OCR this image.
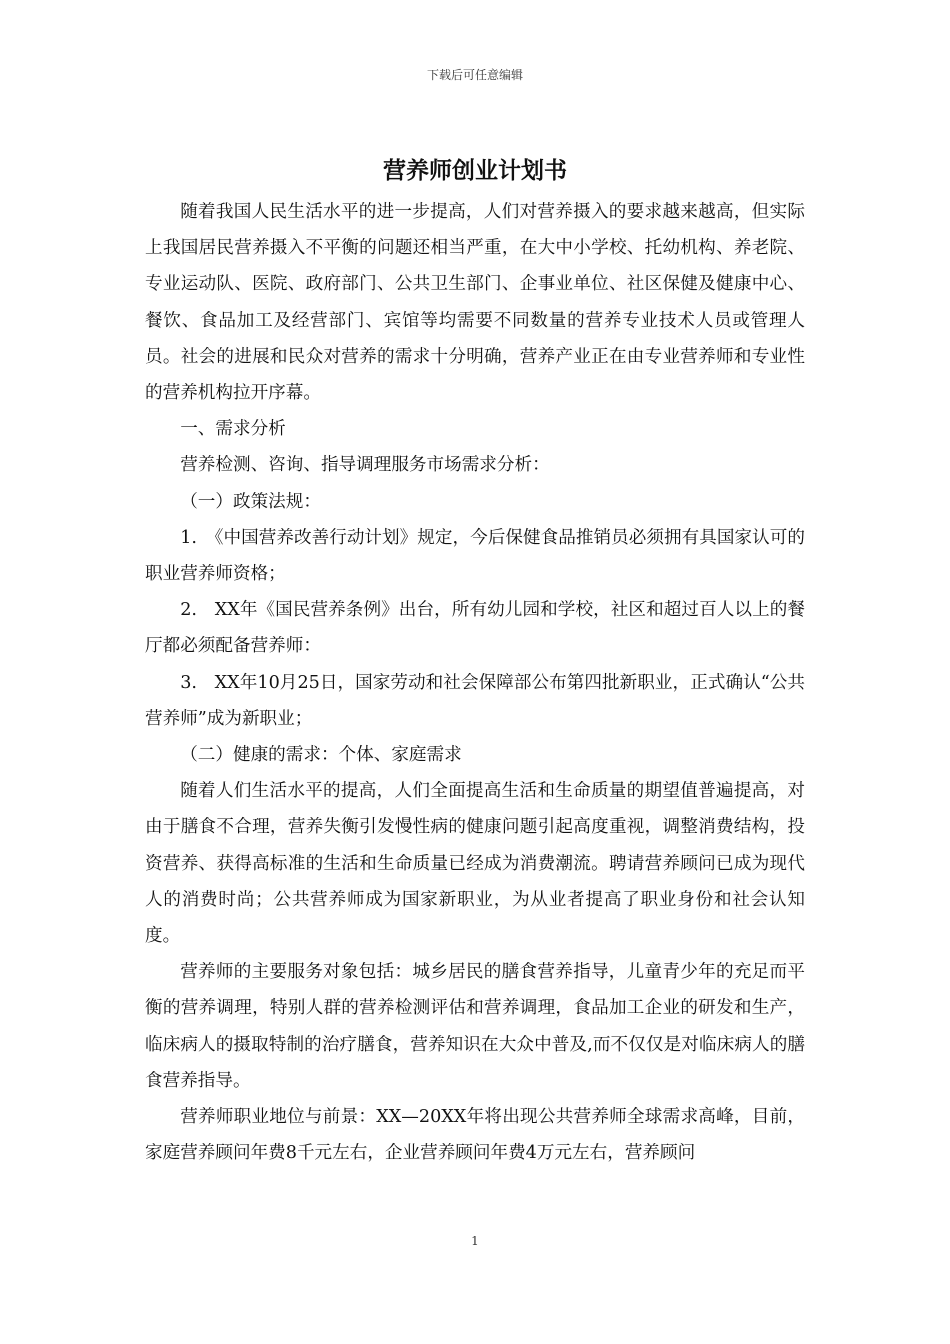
下载后可任意编辑
营养师创业计划书

随着我国人民生活水平的进一步提高，人们对营养摄入的要求越来越高，但实际上我国居民营养摄入不平衡的问题还相当严重，在大中小学校、托幼机构、养老院、专业运动队、医院、政府部门、公共卫生部门、企事业单位、社区保健及健康中心、餐饮、食品加工及经营部门、宾馆等均需要不同数量的营养专业技术人员或管理人员。社会的进展和民众对营养的需求十分明确，营养产业正在由专业营养师和专业性的营养机构拉开序幕。

一、需求分析

营养检测、咨询、指导调理服务市场需求分析：

（一）政策法规：

1.　《中国营养改善行动计划》规定，今后保健食品推销员必须拥有具国家认可的职业营养师资格；

2.　XX年《国民营养条例》出台，所有幼儿园和学校，社区和超过百人以上的餐厅都必须配备营养师：

3.　XX年10月25日，国家劳动和社会保障部公布第四批新职业，正式确认“公共营养师”成为新职业；

（二）健康的需求：个体、家庭需求

随着人们生活水平的提高，人们全面提高生活和生命质量的期望值普遍提高，对由于膳食不合理，营养失衡引发慢性病的健康问题引起高度重视，调整消费结构，投资营养、获得高标准的生活和生命质量已经成为消费潮流。聘请营养顾问已成为现代人的消费时尚；公共营养师成为国家新职业，为从业者提高了职业身份和社会认知度。

营养师的主要服务对象包括：城乡居民的膳食营养指导，儿童青少年的充足而平衡的营养调理，特别人群的营养检测评估和营养调理，食品加工企业的研发和生产，临床病人的摄取特制的治疗膳食，营养知识在大众中普及,而不仅仅是对临床病人的膳食营养指导。

营养师职业地位与前景：XX—20XX年将出现公共营养师全球需求高峰，目前，家庭营养顾问年费8千元左右，企业营养顾问年费4万元左右，营养顾问

1
